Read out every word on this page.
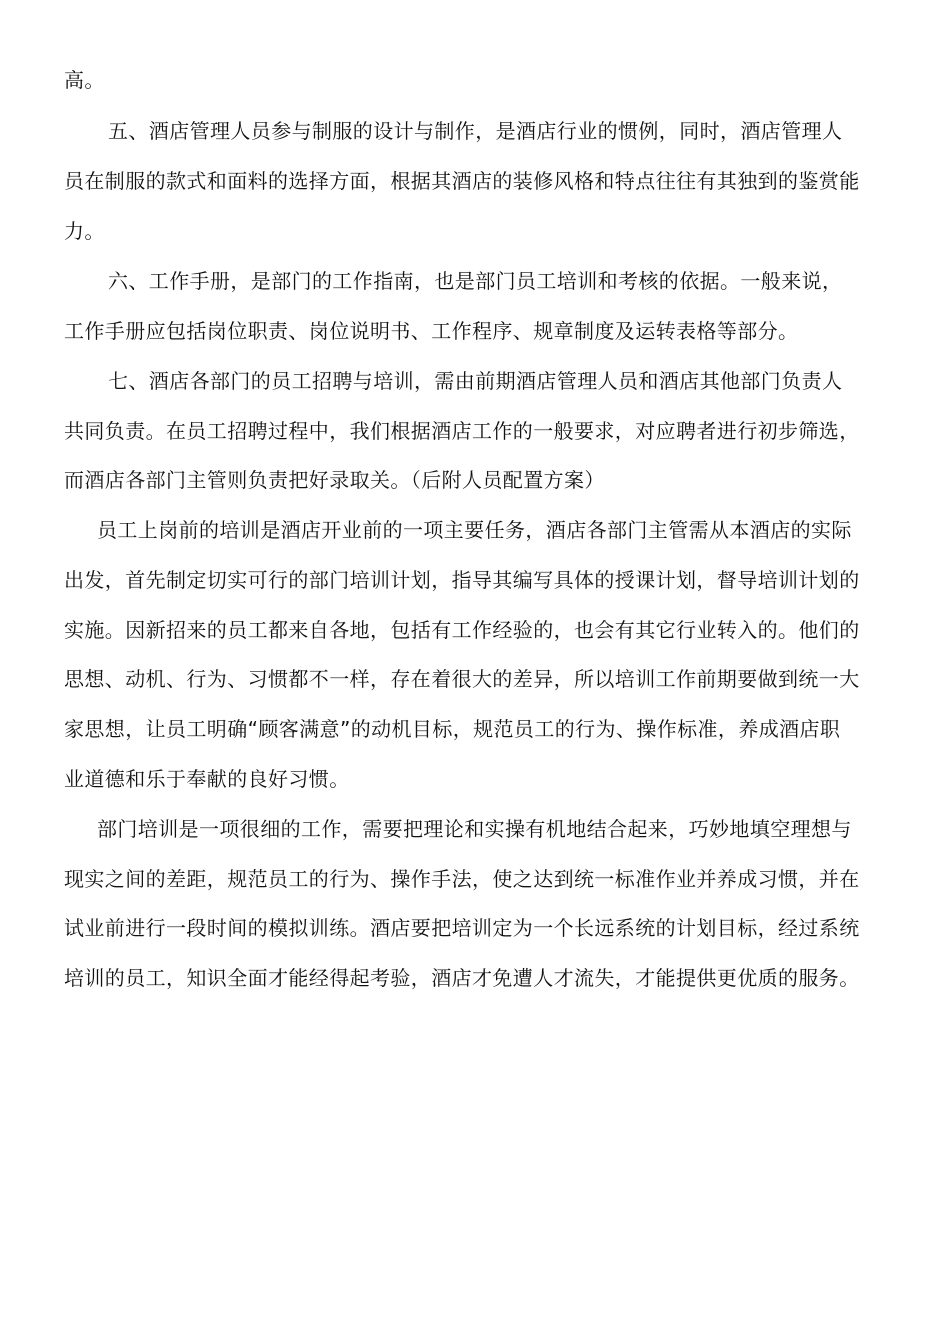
高。
五、酒店管理人员参与制服的设计与制作，是酒店行业的惯例，同时，酒店管理人
员在制服的款式和面料的选择方面，根据其酒店的装修风格和特点往往有其独到的鉴赏能
力。
六、工作手册，是部门的工作指南，也是部门员工培训和考核的依据。一般来说，
工作手册应包括岗位职责、岗位说明书、工作程序、规章制度及运转表格等部分。
七、酒店各部门的员工招聘与培训，需由前期酒店管理人员和酒店其他部门负责人
共同负责。在员工招聘过程中，我们根据酒店工作的一般要求，对应聘者进行初步筛选，
而酒店各部门主管则负责把好录取关。（后附人员配置方案）
员工上岗前的培训是酒店开业前的一项主要任务，酒店各部门主管需从本酒店的实际
出发，首先制定切实可行的部门培训计划，指导其编写具体的授课计划，督导培训计划的
实施。因新招来的员工都来自各地，包括有工作经验的，也会有其它行业转入的。他们的
思想、动机、行为、习惯都不一样，存在着很大的差异，所以培训工作前期要做到统一大
家思想，让员工明确“顾客满意”的动机目标，规范员工的行为、操作标准，养成酒店职
业道德和乐于奉献的良好习惯。
部门培训是一项很细的工作，需要把理论和实操有机地结合起来，巧妙地填空理想与
现实之间的差距，规范员工的行为、操作手法，使之达到统一标准作业并养成习惯，并在
试业前进行一段时间的模拟训练。酒店要把培训定为一个长远系统的计划目标，经过系统
培训的员工，知识全面才能经得起考验，酒店才免遭人才流失，才能提供更优质的服务。
